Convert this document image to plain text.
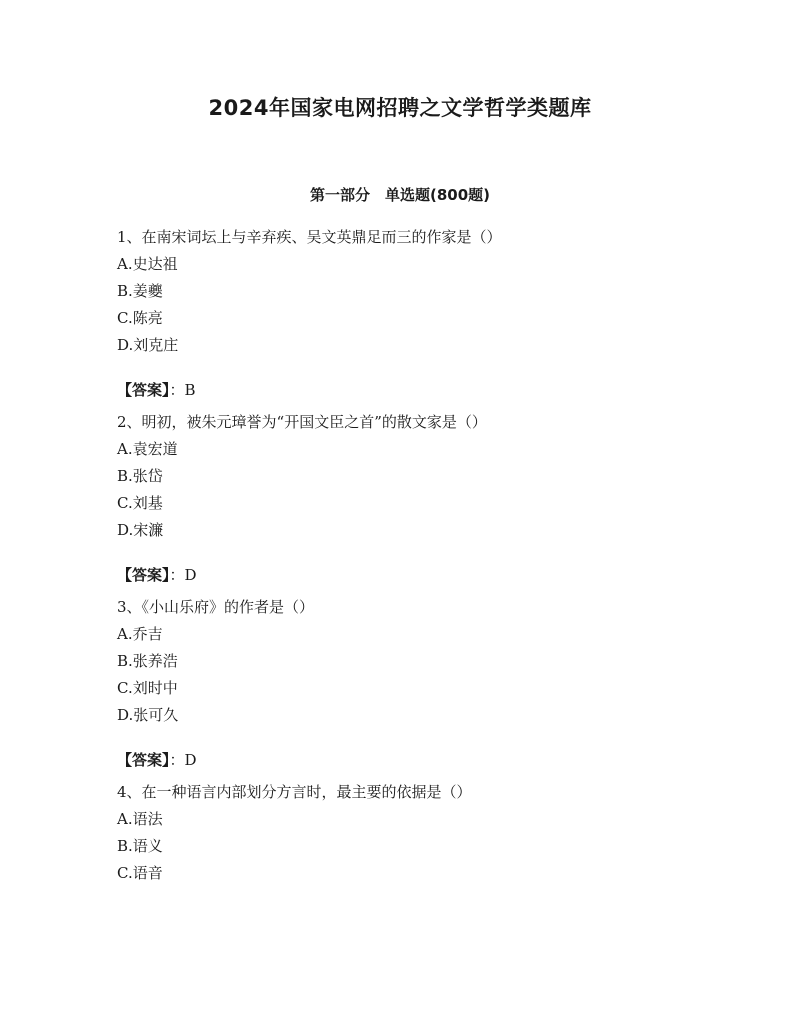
2024年国家电网招聘之文学哲学类题库
第一部分　单选题(800题)
1、在南宋词坛上与辛弃疾、吴文英鼎足而三的作家是（）
A.史达祖
B.姜夔
C.陈亮
D.刘克庄
【答案】：B
2、明初，被朱元璋誉为“开国文臣之首”的散文家是（）
A.袁宏道
B.张岱
C.刘基
D.宋濂
【答案】：D
3、《小山乐府》的作者是（）
A.乔吉
B.张养浩
C.刘时中
D.张可久
【答案】：D
4、在一种语言内部划分方言时，最主要的依据是（）
A.语法
B.语义
C.语音
